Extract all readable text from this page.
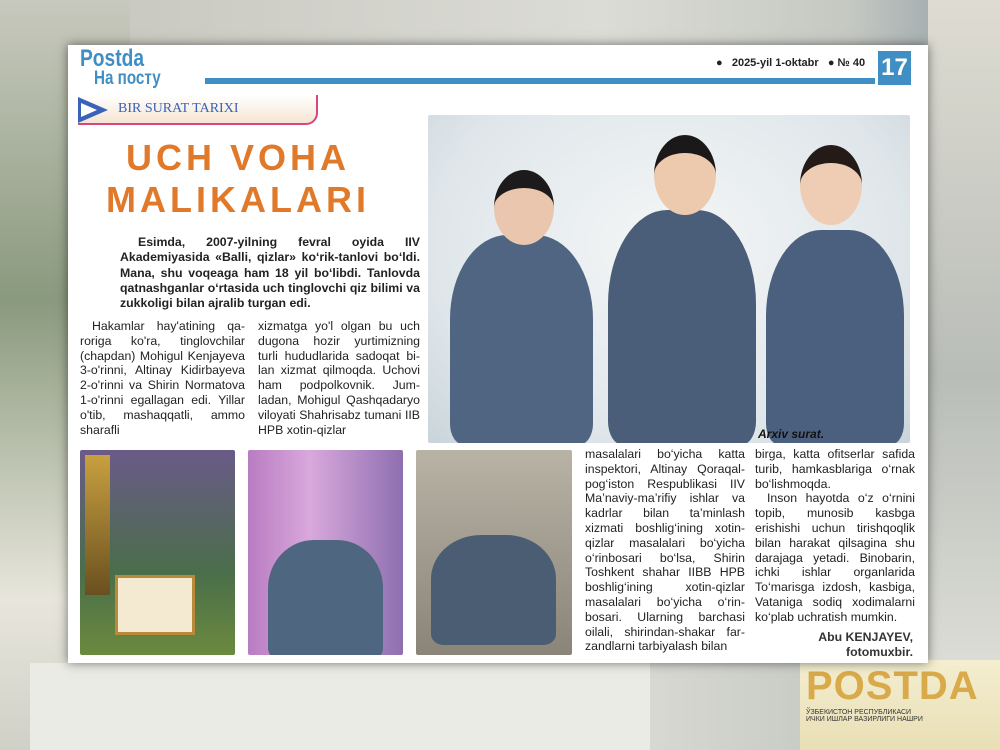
POSTDA
ЎЗБЕКИСТОН РЕСПУБЛИКАСИ
ИЧКИ ИШЛАР ВАЗИРЛИГИ НАШРИ
Postda
На посту
● 2025-yil 1-oktabr ● № 40 17
BIR SURAT TARIXI
UCH VOHA
MALIKALARI
Esimda, 2007-yilning fevral oyida IIV Akademiyasida «Balli, qizlar» ko‘rik-tanlovi bo‘ldi. Mana, shu voqeaga ham 18 yil bo‘libdi. Tanlovda qatnashganlar o‘rtasida uch tinglovchi qiz bilimi va zukkoligi bilan ajralib turgan edi.

Hakamlar hay'atining qaroriga ko'ra, tinglovchilar (chapdan) Mohigul Kenjayeva 3-o'rinni, Altinay Kidirbayeva 2-o'rinni va Shirin Normatova 1-o'rinni egallagan edi. Yillar o'tib, mashaqqatli, ammo sharafli

xizmatga yo'l olgan bu uch dugona hozir yurtimizning turli hududlarida sadoqat bilan xizmat qilmoqda. Uchovi ham podpolkovnik. Jumladan, Mohigul Qashqadaryo viloyati Shahrisabz tumani IIB HPB xotin-qizlar	Arxiv surat.

masalalari bo‘yicha katta inspektori, Altinay Qoraqalpog‘iston Respublikasi IIV Ma’naviy-ma’rifiy ishlar va kadrlar bilan ta’minlash xizmati boshlig‘ining xotin-qizlar masalalari bo‘yicha o‘rinbosari bo‘lsa, Shirin Toshkent shahar IIBB HPB boshlig‘ining xotin-qizlar masalalari bo‘yicha o‘rinbosari. Ularning barchasi oilali, shirindan-shakar farzandlarni tarbiyalash bilan

birga, katta ofitserlar safida turib, hamkasblariga o‘rnak bo‘lishmoqda.

Inson hayotda o‘z o‘rnini topib, munosib kasbga erishishi uchun tirishqoqlik bilan harakat qilsagina shu darajaga yetadi. Binobarin, ichki ishlar organlarida To‘marisga izdosh, kasbiga, Vataniga sodiq xodimalarni ko‘plab uchratish mumkin.

Abu KENJAYEV,
fotomuxbir.
